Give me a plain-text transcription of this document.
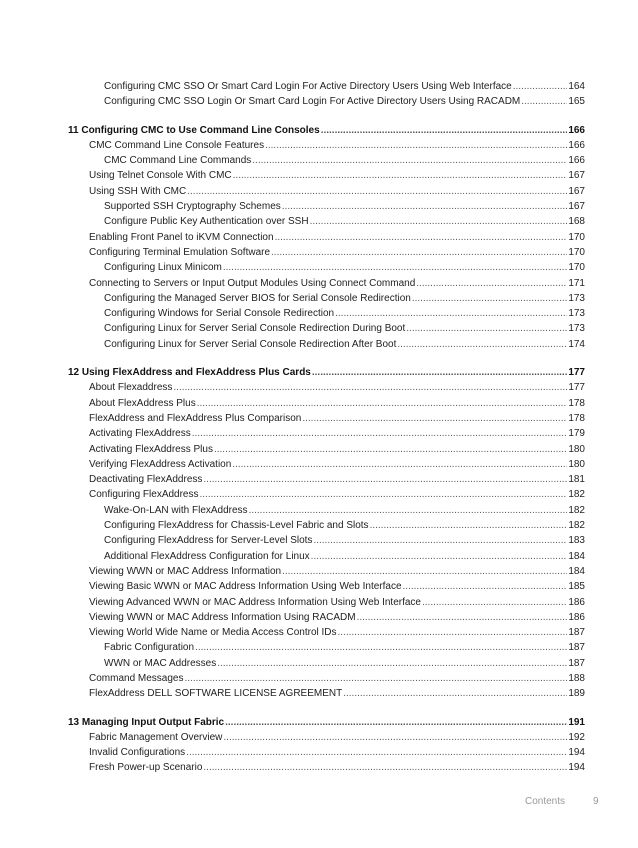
Configuring CMC SSO Or Smart Card Login For Active Directory Users Using Web Interface .....	164
Configuring CMC SSO Login Or Smart Card Login For Active Directory Users Using RACADM .....	165
11 Configuring CMC to Use Command Line Consoles .....	166
CMC Command Line Console Features .....	166
CMC Command Line Commands .....	166
Using Telnet Console With CMC .....	167
Using SSH With CMC .....	167
Supported SSH Cryptography Schemes .....	167
Configure Public Key Authentication over SSH .....	168
Enabling Front Panel to iKVM Connection .....	170
Configuring Terminal Emulation Software .....	170
Configuring Linux Minicom .....	170
Connecting to Servers or Input Output Modules Using Connect Command .....	171
Configuring the Managed Server BIOS for Serial Console Redirection .....	173
Configuring Windows for Serial Console Redirection .....	173
Configuring Linux for Server Serial Console Redirection During Boot .....	173
Configuring Linux for Server Serial Console Redirection After Boot .....	174
12 Using FlexAddress and FlexAddress Plus Cards .....	177
About Flexaddress .....	177
About FlexAddress Plus .....	178
FlexAddress and FlexAddress Plus Comparison .....	178
Activating FlexAddress .....	179
Activating FlexAddress Plus .....	180
Verifying FlexAddress Activation .....	180
Deactivating FlexAddress .....	181
Configuring FlexAddress .....	182
Wake-On-LAN with FlexAddress .....	182
Configuring FlexAddress for Chassis-Level Fabric and Slots .....	182
Configuring FlexAddress for Server-Level Slots .....	183
Additional FlexAddress Configuration for Linux .....	184
Viewing WWN or MAC Address Information .....	184
Viewing Basic WWN or MAC Address Information Using Web Interface .....	185
Viewing Advanced WWN or MAC Address Information Using Web Interface .....	186
Viewing WWN or MAC Address Information Using RACADM .....	186
Viewing World Wide Name or Media Access Control IDs .....	187
Fabric Configuration .....	187
WWN or MAC Addresses .....	187
Command Messages .....	188
FlexAddress DELL SOFTWARE LICENSE AGREEMENT .....	189
13 Managing Input Output Fabric .....	191
Fabric Management Overview .....	192
Invalid Configurations .....	194
Fresh Power-up Scenario .....	194
Contents	9
